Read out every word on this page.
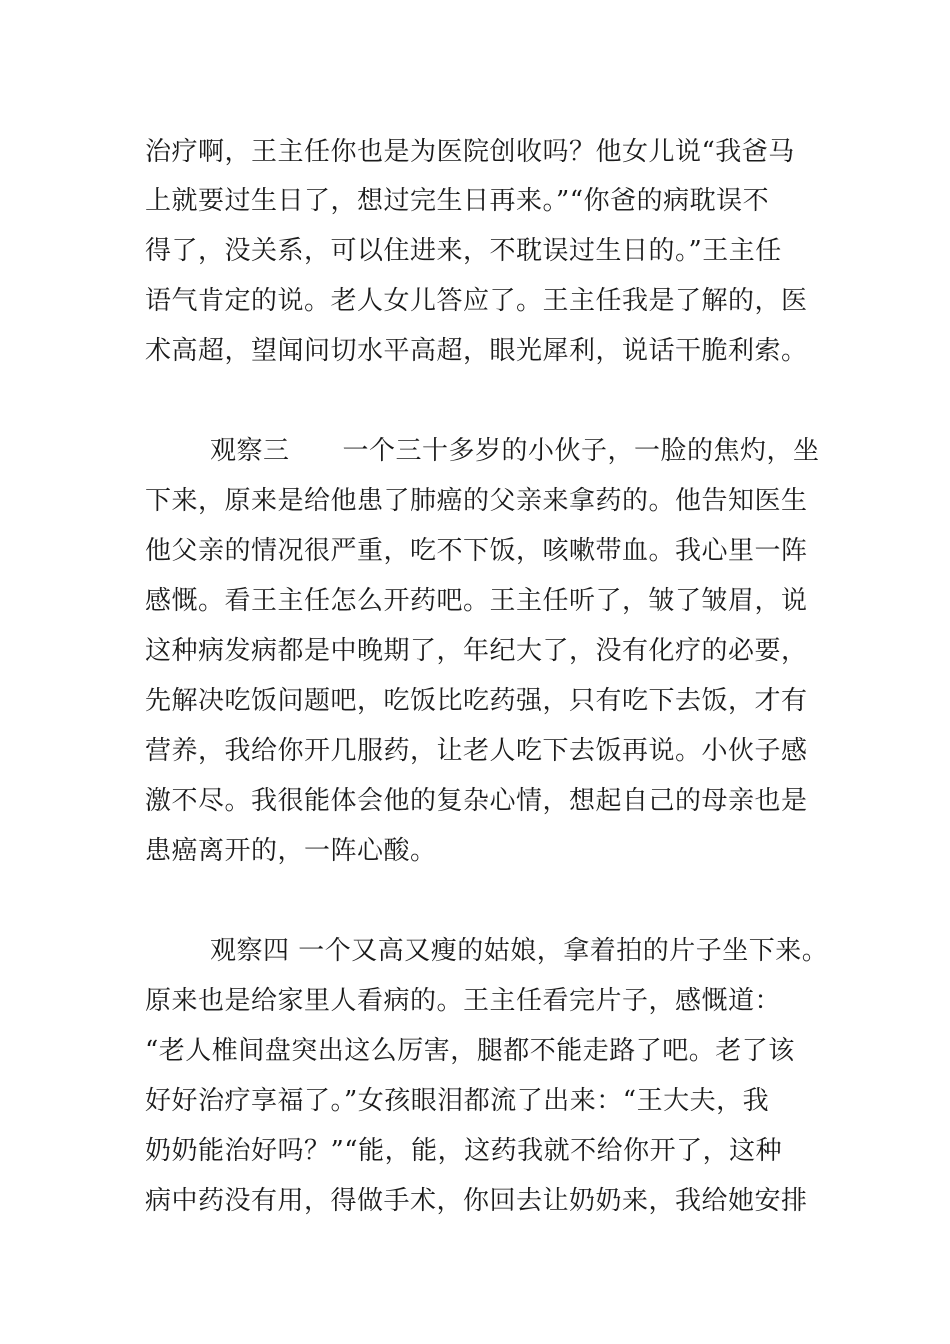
治疗啊，王主任你也是为医院创收吗？他女儿说“我爸马
上就要过生日了，想过完生日再来。”“你爸的病耽误不
得了，没关系，可以住进来，不耽误过生日的。”王主任
语气肯定的说。老人女儿答应了。王主任我是了解的，医
术高超，望闻问切水平高超，眼光犀利，说话干脆利索。
观察三　　一个三十多岁的小伙子，一脸的焦灼，坐
下来，原来是给他患了肺癌的父亲来拿药的。他告知医生
他父亲的情况很严重，吃不下饭，咳嗽带血。我心里一阵
感慨。看王主任怎么开药吧。王主任听了，皱了皱眉，说
这种病发病都是中晚期了，年纪大了，没有化疗的必要，
先解决吃饭问题吧，吃饭比吃药强，只有吃下去饭，才有
营养，我给你开几服药，让老人吃下去饭再说。小伙子感
激不尽。我很能体会他的复杂心情，想起自己的母亲也是
患癌离开的，一阵心酸。
观察四 一个又高又瘦的姑娘，拿着拍的片子坐下来。
原来也是给家里人看病的。王主任看完片子，感慨道：
“老人椎间盘突出这么厉害，腿都不能走路了吧。老了该
好好治疗享福了。”女孩眼泪都流了出来：“王大夫，我
奶奶能治好吗？”“能，能，这药我就不给你开了，这种
病中药没有用，得做手术，你回去让奶奶来，我给她安排
